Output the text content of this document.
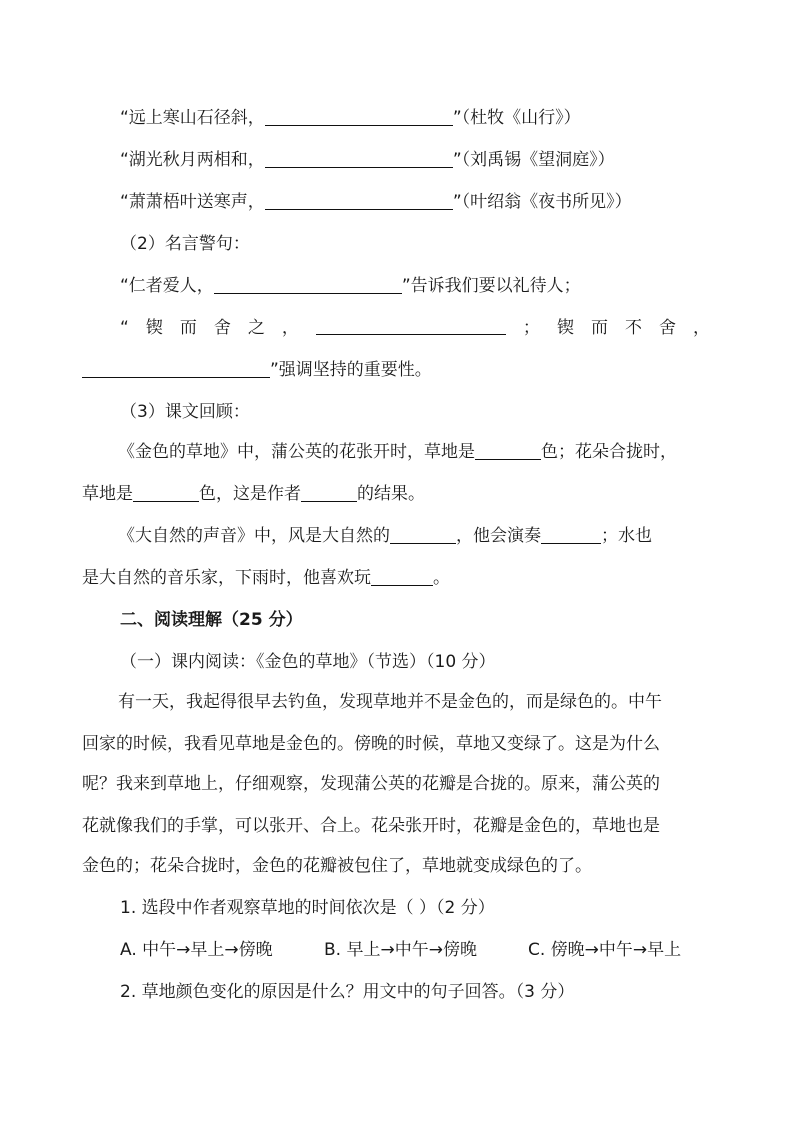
“远上寒山石径斜，	”（杜牧《山行》）
“湖光秋月两相和，	”（刘禹锡《望洞庭》）
“萧萧梧叶送寒声，	”（叶绍翁《夜书所见》）
（2）名言警句：
“仁者爱人，	”告诉我们要以礼待人；
“ 锲 而 舍 之 ，	； 锲 而 不 舍 ，
”强调坚持的重要性。
（3）课文回顾：
《金色的草地》中，蒲公英的花张开时，草地是	色；花朵合拢时，
草地是	色，这是作者	的结果。
《大自然的声音》中，风是大自然的	，他会演奏	；水也
是大自然的音乐家，下雨时，他喜欢玩	。
二、阅读理解（25 分）
（一）课内阅读：《金色的草地》（节选）（10 分）
有一天，我起得很早去钓鱼，发现草地并不是金色的，而是绿色的。中午
回家的时候，我看见草地是金色的。傍晚的时候，草地又变绿了。这是为什么
呢？我来到草地上，仔细观察，发现蒲公英的花瓣是合拢的。原来，蒲公英的
花就像我们的手掌，可以张开、合上。花朵张开时，花瓣是金色的，草地也是
金色的；花朵合拢时，金色的花瓣被包住了，草地就变成绿色的了。
1. 选段中作者观察草地的时间依次是（ ）（2 分）
A. 中午→早上→傍晚	B. 早上→中午→傍晚	C. 傍晚→中午→早上
2. 草地颜色变化的原因是什么？用文中的句子回答。（3 分）
